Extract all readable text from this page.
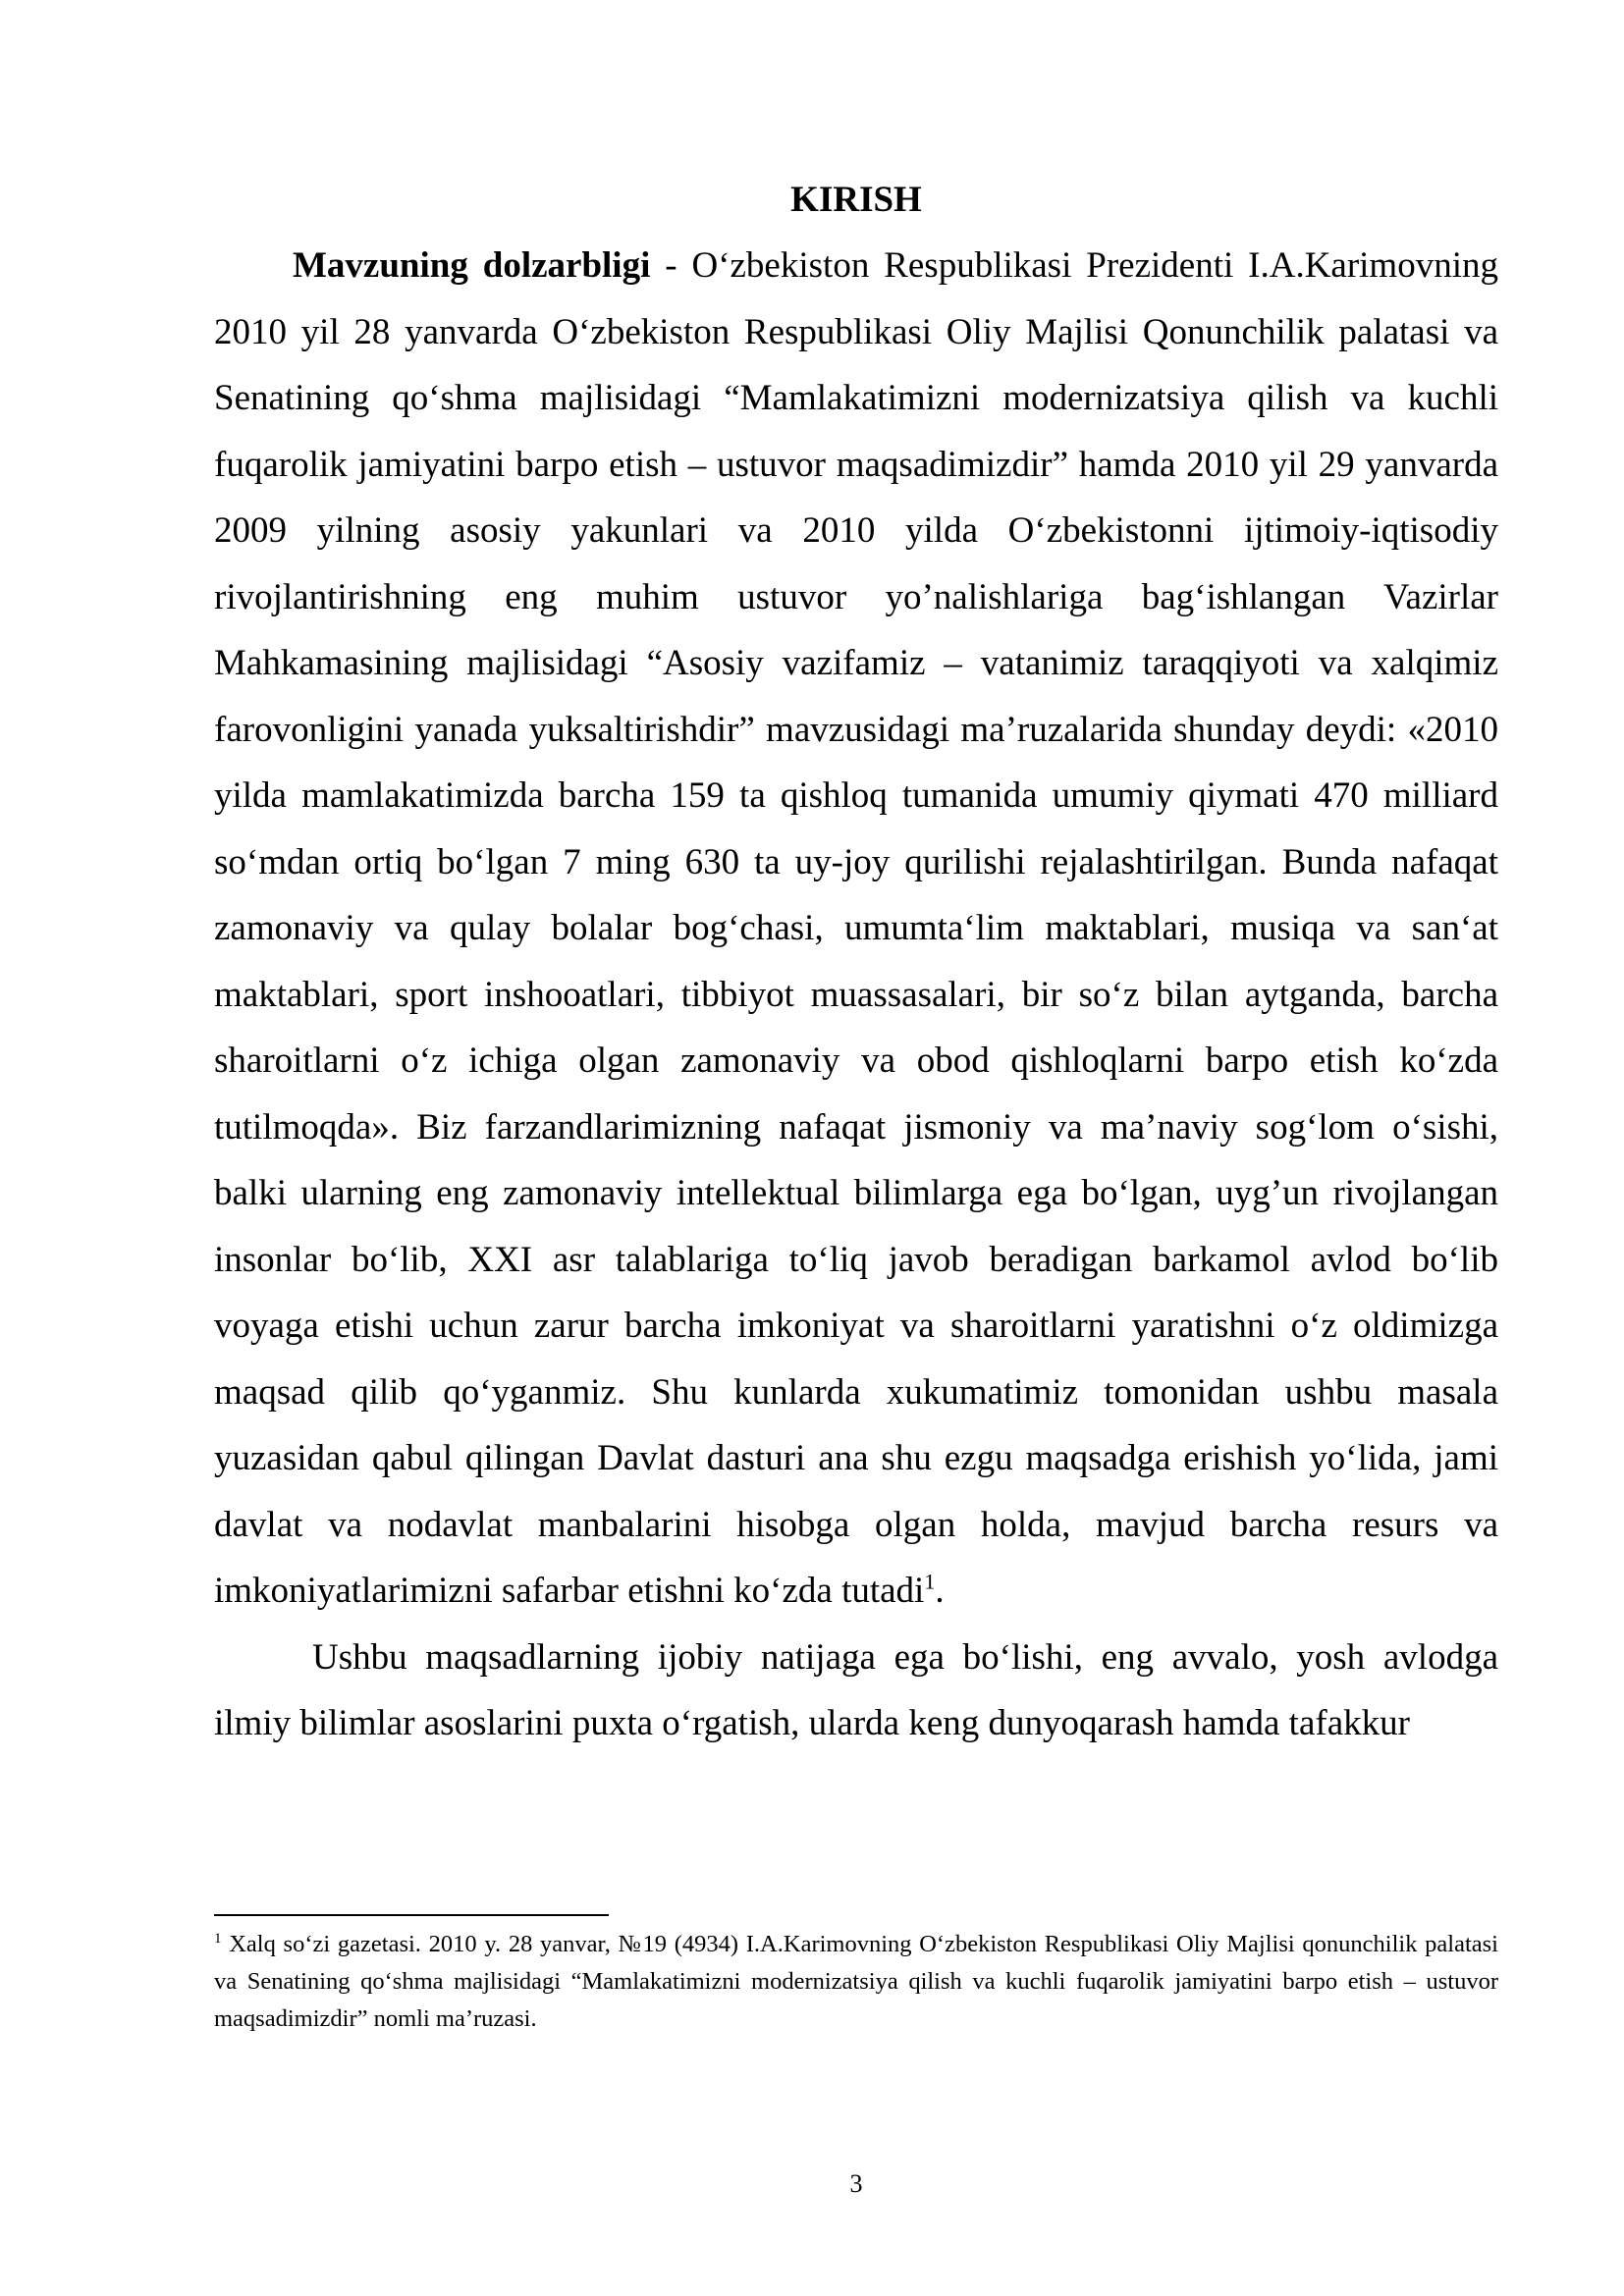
KIRISH

Mavzuning dolzarbligi - O‘zbekiston Respublikasi Prezidenti I.A.Karimovning 2010 yil 28 yanvarda O‘zbekiston Respublikasi Oliy Majlisi Qonunchilik palatasi va Senatining qo‘shma majlisidagi “Mamlakatimizni modernizatsiya qilish va kuchli fuqarolik jamiyatini barpo etish – ustuvor maqsadimizdir” hamda 2010 yil 29 yanvarda 2009 yilning asosiy yakunlari va 2010 yilda O‘zbekistonni ijtimoiy-iqtisodiy rivojlantirishning eng muhim ustuvor yo’nalishlariga bag‘ishlangan Vazirlar Mahkamasining majlisidagi “Asosiy vazifamiz – vatanimiz taraqqiyoti va xalqimiz farovonligini yanada yuksaltirishdir” mavzusidagi ma’ruzalarida shunday deydi: «2010 yilda mamlakatimizda barcha 159 ta qishloq tumanida umumiy qiymati 470 milliard so‘mdan ortiq bo‘lgan 7 ming 630 ta uy-joy qurilishi rejalashtirilgan. Bunda nafaqat zamonaviy va qulay bolalar bog‘chasi, umumta‘lim maktablari, musiqa va san‘at maktablari, sport inshooatlari, tibbiyot muassasalari, bir so‘z bilan aytganda, barcha sharoitlarni o‘z ichiga olgan zamonaviy va obod qishloqlarni barpo etish ko‘zda tutilmoqda». Biz farzandlarimizning nafaqat jismoniy va ma’naviy sog‘lom o‘sishi, balki ularning eng zamonaviy intellektual bilimlarga ega bo‘lgan, uyg’un rivojlangan insonlar bo‘lib, XXI asr talablariga to‘liq javob beradigan barkamol avlod bo‘lib voyaga etishi uchun zarur barcha imkoniyat va sharoitlarni yaratishni o‘z oldimizga maqsad qilib qo‘yganmiz. Shu kunlarda xukumatimiz tomonidan ushbu masala yuzasidan qabul qilingan Davlat dasturi ana shu ezgu maqsadga erishish yo‘lida, jami davlat va nodavlat manbalarini hisobga olgan holda, mavjud barcha resurs va imkoniyatlarimizni safarbar etishni ko‘zda tutadi$^1$.

Ushbu maqsadlarning ijobiy natijaga ega bo‘lishi, eng avvalo, yosh avlodga ilmiy bilimlar asoslarini puxta o‘rgatish, ularda keng dunyoqarash hamda tafakkur

$^1$ Xalq so‘zi gazetasi. 2010 y. 28 yanvar, №19 (4934) I.A.Karimovning O‘zbekiston Respublikasi Oliy Majlisi qonunchilik palatasi va Senatining qo‘shma majlisidagi “Mamlakatimizni modernizatsiya qilish va kuchli fuqarolik jamiyatini barpo etish – ustuvor maqsadimizdir” nomli ma’ruzasi.
3
